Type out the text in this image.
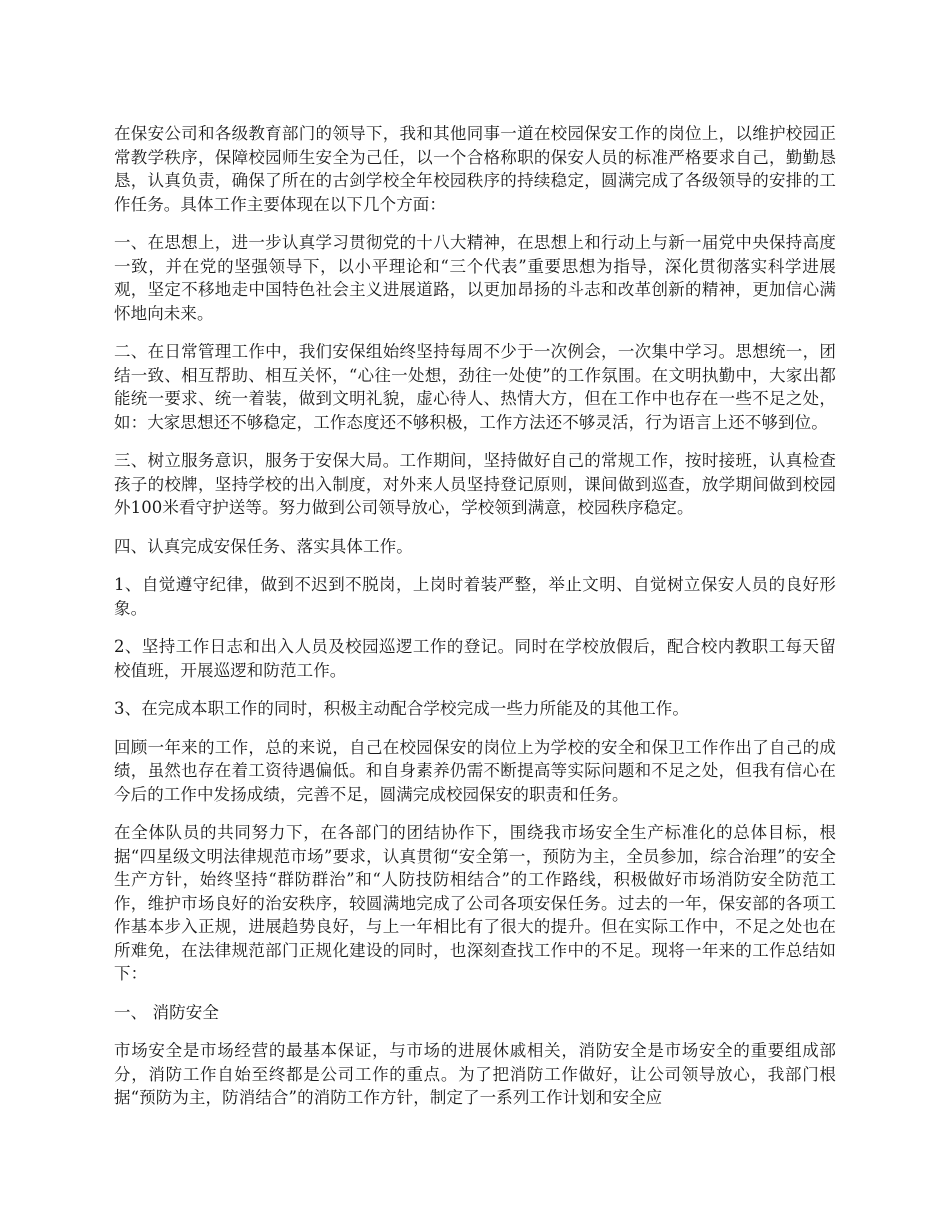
在保安公司和各级教育部门的领导下，我和其他同事一道在校园保安工作的岗位上，以维护校园正常教学秩序，保障校园师生安全为己任，以一个合格称职的保安人员的标准严格要求自己，勤勤恳恳，认真负责，确保了所在的古剑学校全年校园秩序的持续稳定，圆满完成了各级领导的安排的工作任务。具体工作主要体现在以下几个方面：

一、在思想上，进一步认真学习贯彻党的十八大精神，在思想上和行动上与新一届党中央保持高度一致，并在党的坚强领导下，以小平理论和“三个代表”重要思想为指导，深化贯彻落实科学进展观，坚定不移地走中国特色社会主义进展道路，以更加昂扬的斗志和改革创新的精神，更加信心满怀地向未来。

二、在日常管理工作中，我们安保组始终坚持每周不少于一次例会，一次集中学习。思想统一，团结一致、相互帮助、相互关怀，“心往一处想，劲往一处使”的工作氛围。在文明执勤中，大家出都能统一要求、统一着装，做到文明礼貌，虚心待人、热情大方，但在工作中也存在一些不足之处，如：大家思想还不够稳定，工作态度还不够积极，工作方法还不够灵活，行为语言上还不够到位。

三、树立服务意识，服务于安保大局。工作期间，坚持做好自己的常规工作，按时接班，认真检查孩子的校牌，坚持学校的出入制度，对外来人员坚持登记原则，课间做到巡查，放学期间做到校园外100米看守护送等。努力做到公司领导放心，学校领到满意，校园秩序稳定。

四、认真完成安保任务、落实具体工作。

1、自觉遵守纪律，做到不迟到不脱岗，上岗时着装严整，举止文明、自觉树立保安人员的良好形象。

2、坚持工作日志和出入人员及校园巡逻工作的登记。同时在学校放假后，配合校内教职工每天留校值班，开展巡逻和防范工作。

3、在完成本职工作的同时，积极主动配合学校完成一些力所能及的其他工作。

回顾一年来的工作，总的来说，自己在校园保安的岗位上为学校的安全和保卫工作作出了自己的成绩，虽然也存在着工资待遇偏低。和自身素养仍需不断提高等实际问题和不足之处，但我有信心在今后的工作中发扬成绩，完善不足，圆满完成校园保安的职责和任务。

在全体队员的共同努力下，在各部门的团结协作下，围绕我市场安全生产标准化的总体目标，根据“四星级文明法律规范市场”要求，认真贯彻“安全第一，预防为主，全员参加，综合治理”的安全生产方针，始终坚持“群防群治”和“人防技防相结合”的工作路线，积极做好市场消防安全防范工作，维护市场良好的治安秩序，较圆满地完成了公司各项安保任务。过去的一年，保安部的各项工作基本步入正规，进展趋势良好，与上一年相比有了很大的提升。但在实际工作中，不足之处也在所难免，在法律规范部门正规化建设的同时，也深刻查找工作中的不足。现将一年来的工作总结如下：

一、 消防安全

市场安全是市场经营的最基本保证，与市场的进展休戚相关，消防安全是市场安全的重要组成部分，消防工作自始至终都是公司工作的重点。为了把消防工作做好，让公司领导放心，我部门根据“预防为主，防消结合”的消防工作方针，制定了一系列工作计划和安全应
